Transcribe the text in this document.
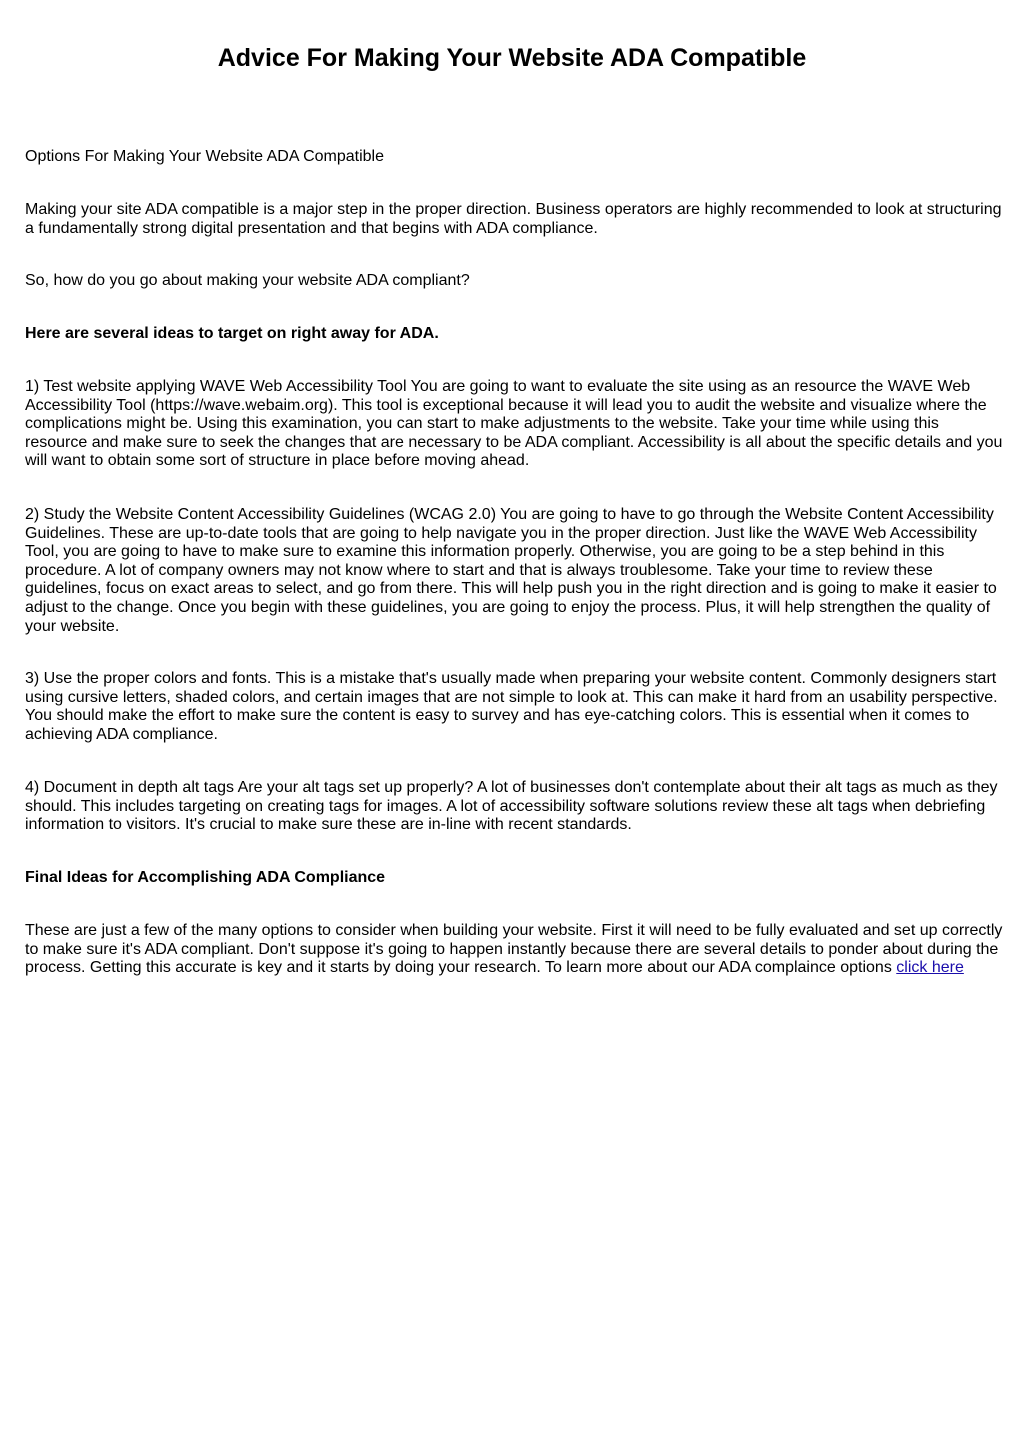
Advice For Making Your Website ADA Compatible

Options For Making Your Website ADA Compatible

Making your site ADA compatible is a major step in the proper direction. Business operators are highly recommended to look at structuring a fundamentally strong digital presentation and that begins with ADA compliance.

So, how do you go about making your website ADA compliant?

Here are several ideas to target on right away for ADA.

1) Test website applying WAVE Web Accessibility Tool You are going to want to evaluate the site using as an resource the WAVE Web Accessibility Tool (https://wave.webaim.org). This tool is exceptional because it will lead you to audit the website and visualize where the complications might be. Using this examination, you can start to make adjustments to the website. Take your time while using this resource and make sure to seek the changes that are necessary to be ADA compliant. Accessibility is all about the specific details and you will want to obtain some sort of structure in place before moving ahead.

2) Study the Website Content Accessibility Guidelines (WCAG 2.0) You are going to have to go through the Website Content Accessibility Guidelines. These are up-to-date tools that are going to help navigate you in the proper direction. Just like the WAVE Web Accessibility Tool, you are going to have to make sure to examine this information properly. Otherwise, you are going to be a step behind in this procedure. A lot of company owners may not know where to start and that is always troublesome. Take your time to review these guidelines, focus on exact areas to select, and go from there. This will help push you in the right direction and is going to make it easier to adjust to the change. Once you begin with these guidelines, you are going to enjoy the process. Plus, it will help strengthen the quality of your website.

3) Use the proper colors and fonts. This is a mistake that's usually made when preparing your website content. Commonly designers start using cursive letters, shaded colors, and certain images that are not simple to look at. This can make it hard from an usability perspective. You should make the effort to make sure the content is easy to survey and has eye-catching colors. This is essential when it comes to achieving ADA compliance.

4) Document in depth alt tags Are your alt tags set up properly? A lot of businesses don't contemplate about their alt tags as much as they should. This includes targeting on creating tags for images. A lot of accessibility software solutions review these alt tags when debriefing information to visitors. It's crucial to make sure these are in-line with recent standards.

Final Ideas for Accomplishing ADA Compliance

These are just a few of the many options to consider when building your website. First it will need to be fully evaluated and set up correctly to make sure it's ADA compliant. Don't suppose it's going to happen instantly because there are several details to ponder about during the process. Getting this accurate is key and it starts by doing your research. To learn more about our ADA complaince options click here
